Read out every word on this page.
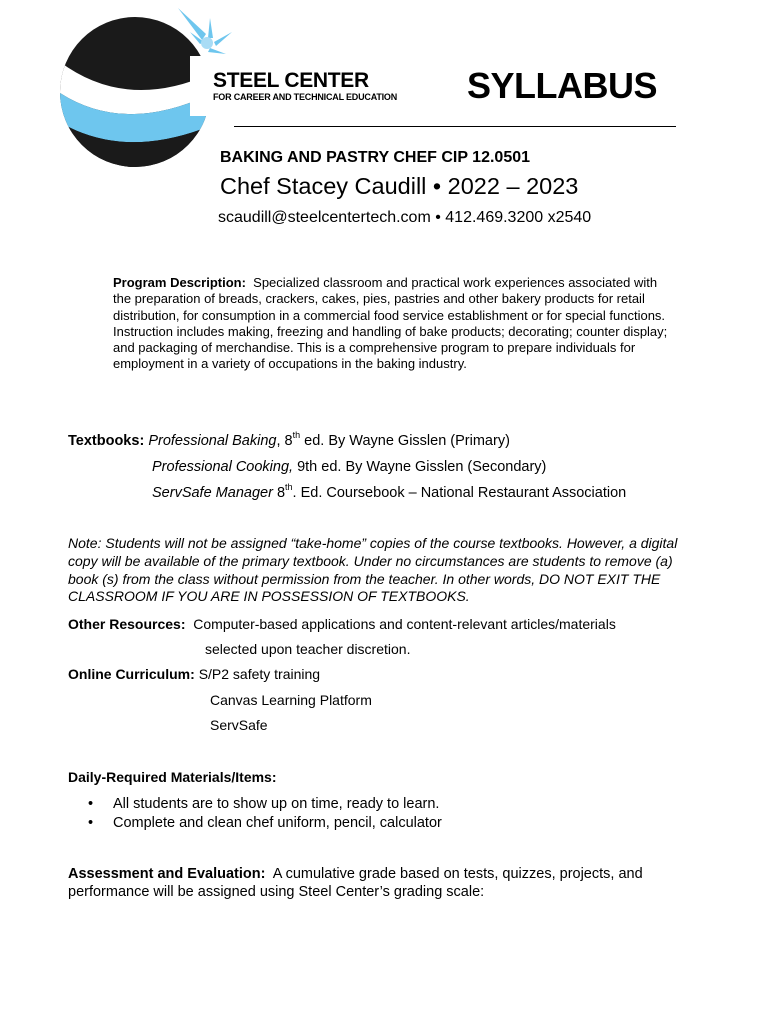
STEEL CENTER
FOR CAREER AND TECHNICAL EDUCATION SYLLABUS
BAKING AND PASTRY CHEF CIP 12.0501
Chef Stacey Caudill • 2022 – 2023
scaudill@steelcentertech.com • 412.469.3200 x2540
Program Description: Specialized classroom and practical work experiences associated with the preparation of breads, crackers, cakes, pies, pastries and other bakery products for retail distribution, for consumption in a commercial food service establishment or for special functions. Instruction includes making, freezing and handling of bake products; decorating; counter display; and packaging of merchandise. This is a comprehensive program to prepare individuals for employment in a variety of occupations in the baking industry.
Textbooks: Professional Baking, 8th ed. By Wayne Gisslen (Primary)
Professional Cooking, 9th ed. By Wayne Gisslen (Secondary)
ServSafe Manager 8th. Ed. Coursebook – National Restaurant Association
Note: Students will not be assigned “take-home” copies of the course textbooks. However, a digital copy will be available of the primary textbook. Under no circumstances are students to remove (a) book (s) from the class without permission from the teacher. In other words, DO NOT EXIT THE CLASSROOM IF YOU ARE IN POSSESSION OF TEXTBOOKS.
Other Resources: Computer-based applications and content-relevant articles/materials
selected upon teacher discretion.
Online Curriculum: S/P2 safety training
Canvas Learning Platform
ServSafe
Daily-Required Materials/Items:
• All students are to show up on time, ready to learn.
• Complete and clean chef uniform, pencil, calculator
Assessment and Evaluation: A cumulative grade based on tests, quizzes, projects, and performance will be assigned using Steel Center’s grading scale:
